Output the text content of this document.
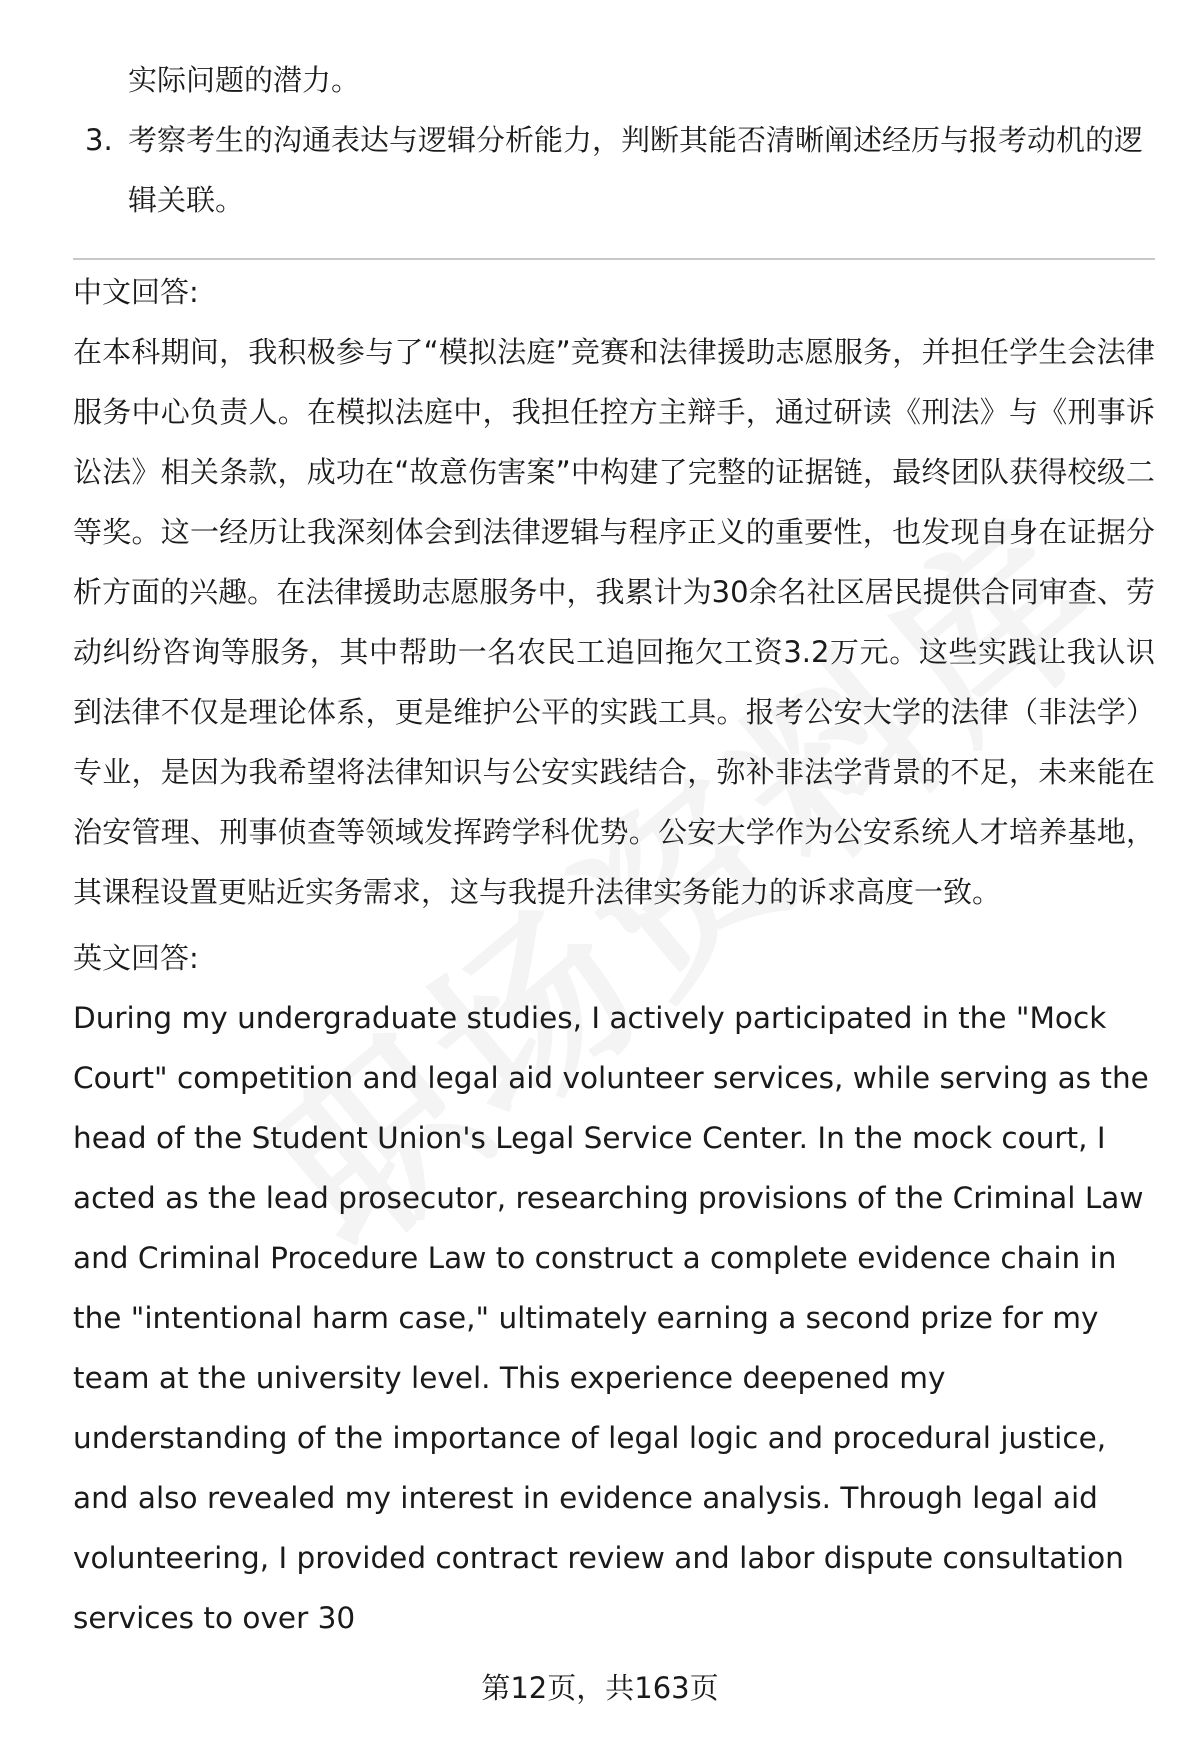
实际问题的潜力。
3. 考察考生的沟通表达与逻辑分析能力，判断其能否清晰阐述经历与报考动机的逻辑关联。
中文回答:

在本科期间，我积极参与了“模拟法庭”竞赛和法律援助志愿服务，并担任学生会法律服务中心负责人。在模拟法庭中，我担任控方主辩手，通过研读《刑法》与《刑事诉讼法》相关条款，成功在“故意伤害案”中构建了完整的证据链，最终团队获得校级二等奖。这一经历让我深刻体会到法律逻辑与程序正义的重要性，也发现自身在证据分析方面的兴趣。在法律援助志愿服务中，我累计为30余名社区居民提供合同审查、劳动纠纷咨询等服务，其中帮助一名农民工追回拖欠工资3.2万元。这些实践让我认识到法律不仅是理论体系，更是维护公平的实践工具。报考公安大学的法律（非法学）专业，是因为我希望将法律知识与公安实践结合，弥补非法学背景的不足，未来能在治安管理、刑事侦查等领域发挥跨学科优势。公安大学作为公安系统人才培养基地，其课程设置更贴近实务需求，这与我提升法律实务能力的诉求高度一致。

英文回答:

During my undergraduate studies, I actively participated in the "Mock Court" competition and legal aid volunteer services, while serving as the head of the Student Union's Legal Service Center. In the mock court, I acted as the lead prosecutor, researching provisions of the Criminal Law and Criminal Procedure Law to construct a complete evidence chain in the "intentional harm case," ultimately earning a second prize for my team at the university level. This experience deepened my understanding of the importance of legal logic and procedural justice, and also revealed my interest in evidence analysis. Through legal aid volunteering, I provided contract review and labor dispute consultation services to over 30

第12页，共163页
